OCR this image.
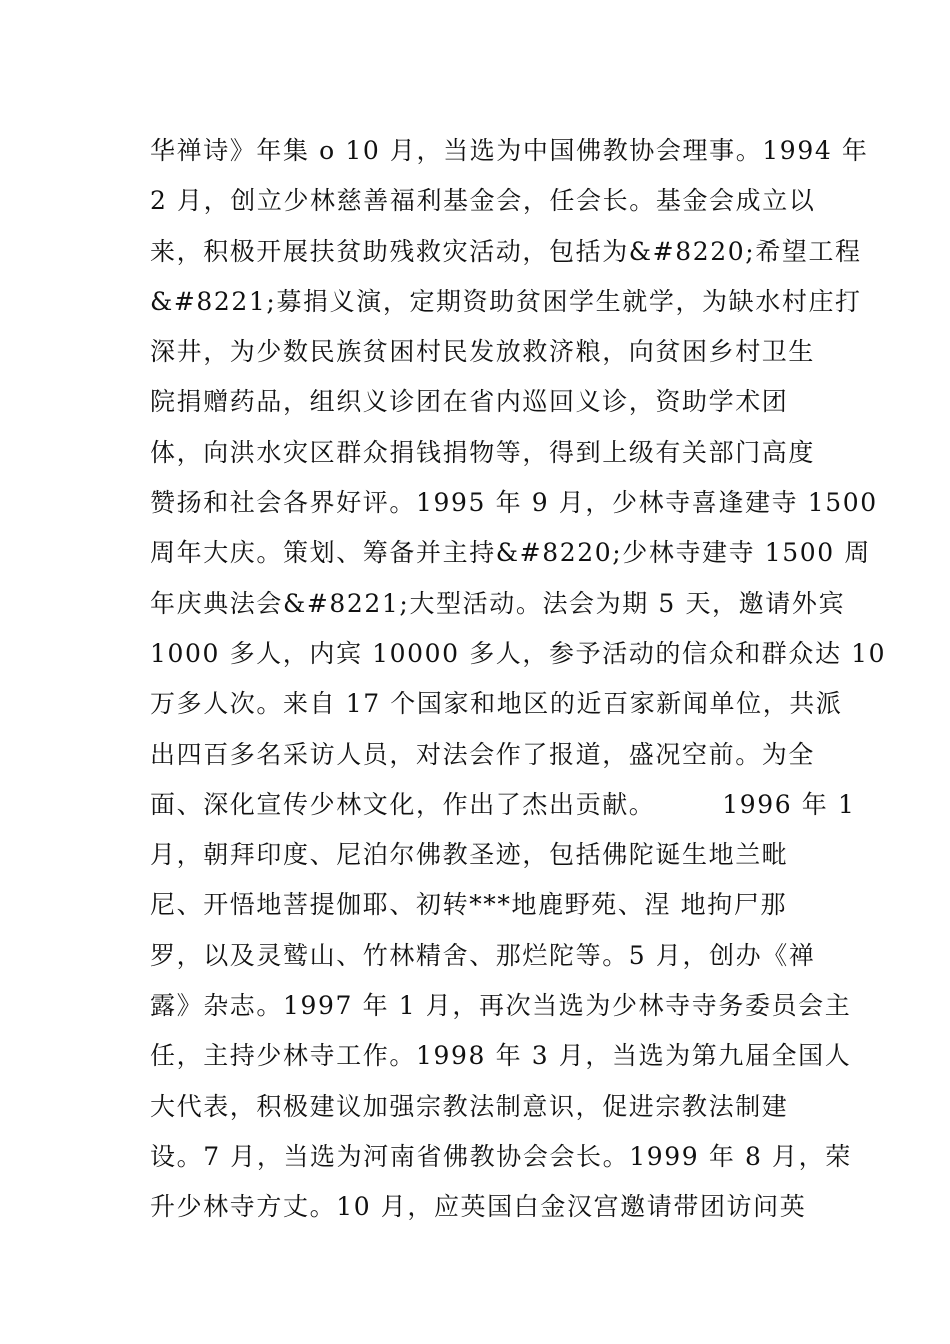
华禅诗》年集 o 10 月，当选为中国佛教协会理事。1994 年
2 月，创立少林慈善福利基金会，任会长。基金会成立以
来，积极开展扶贫助残救灾活动，包括为&#8220;希望工程
&#8221;募捐义演，定期资助贫困学生就学，为缺水村庄打
深井，为少数民族贫困村民发放救济粮，向贫困乡村卫生
院捐赠药品，组织义诊团在省内巡回义诊，资助学术团
体，向洪水灾区群众捐钱捐物等，得到上级有关部门高度
赞扬和社会各界好评。1995 年 9 月，少林寺喜逢建寺 1500
周年大庆。策划、筹备并主持&#8220;少林寺建寺 1500 周
年庆典法会&#8221;大型活动。法会为期 5 天，邀请外宾
1000 多人，内宾 10000 多人，参予活动的信众和群众达 10
万多人次。来自 17 个国家和地区的近百家新闻单位，共派
出四百多名采访人员，对法会作了报道，盛况空前。为全
面、深化宣传少林文化，作出了杰出贡献。       1996 年 1
月，朝拜印度、尼泊尔佛教圣迹，包括佛陀诞生地兰毗
尼、开悟地菩提伽耶、初转***地鹿野苑、涅 地拘尸那
罗，以及灵鹫山、竹林精舍、那烂陀等。5 月，创办《禅
露》杂志。1997 年 1 月，再次当选为少林寺寺务委员会主
任，主持少林寺工作。1998 年 3 月，当选为第九届全国人
大代表，积极建议加强宗教法制意识，促进宗教法制建
设。7 月，当选为河南省佛教协会会长。1999 年 8 月，荣
升少林寺方丈。10 月，应英国白金汉宫邀请带团访问英
